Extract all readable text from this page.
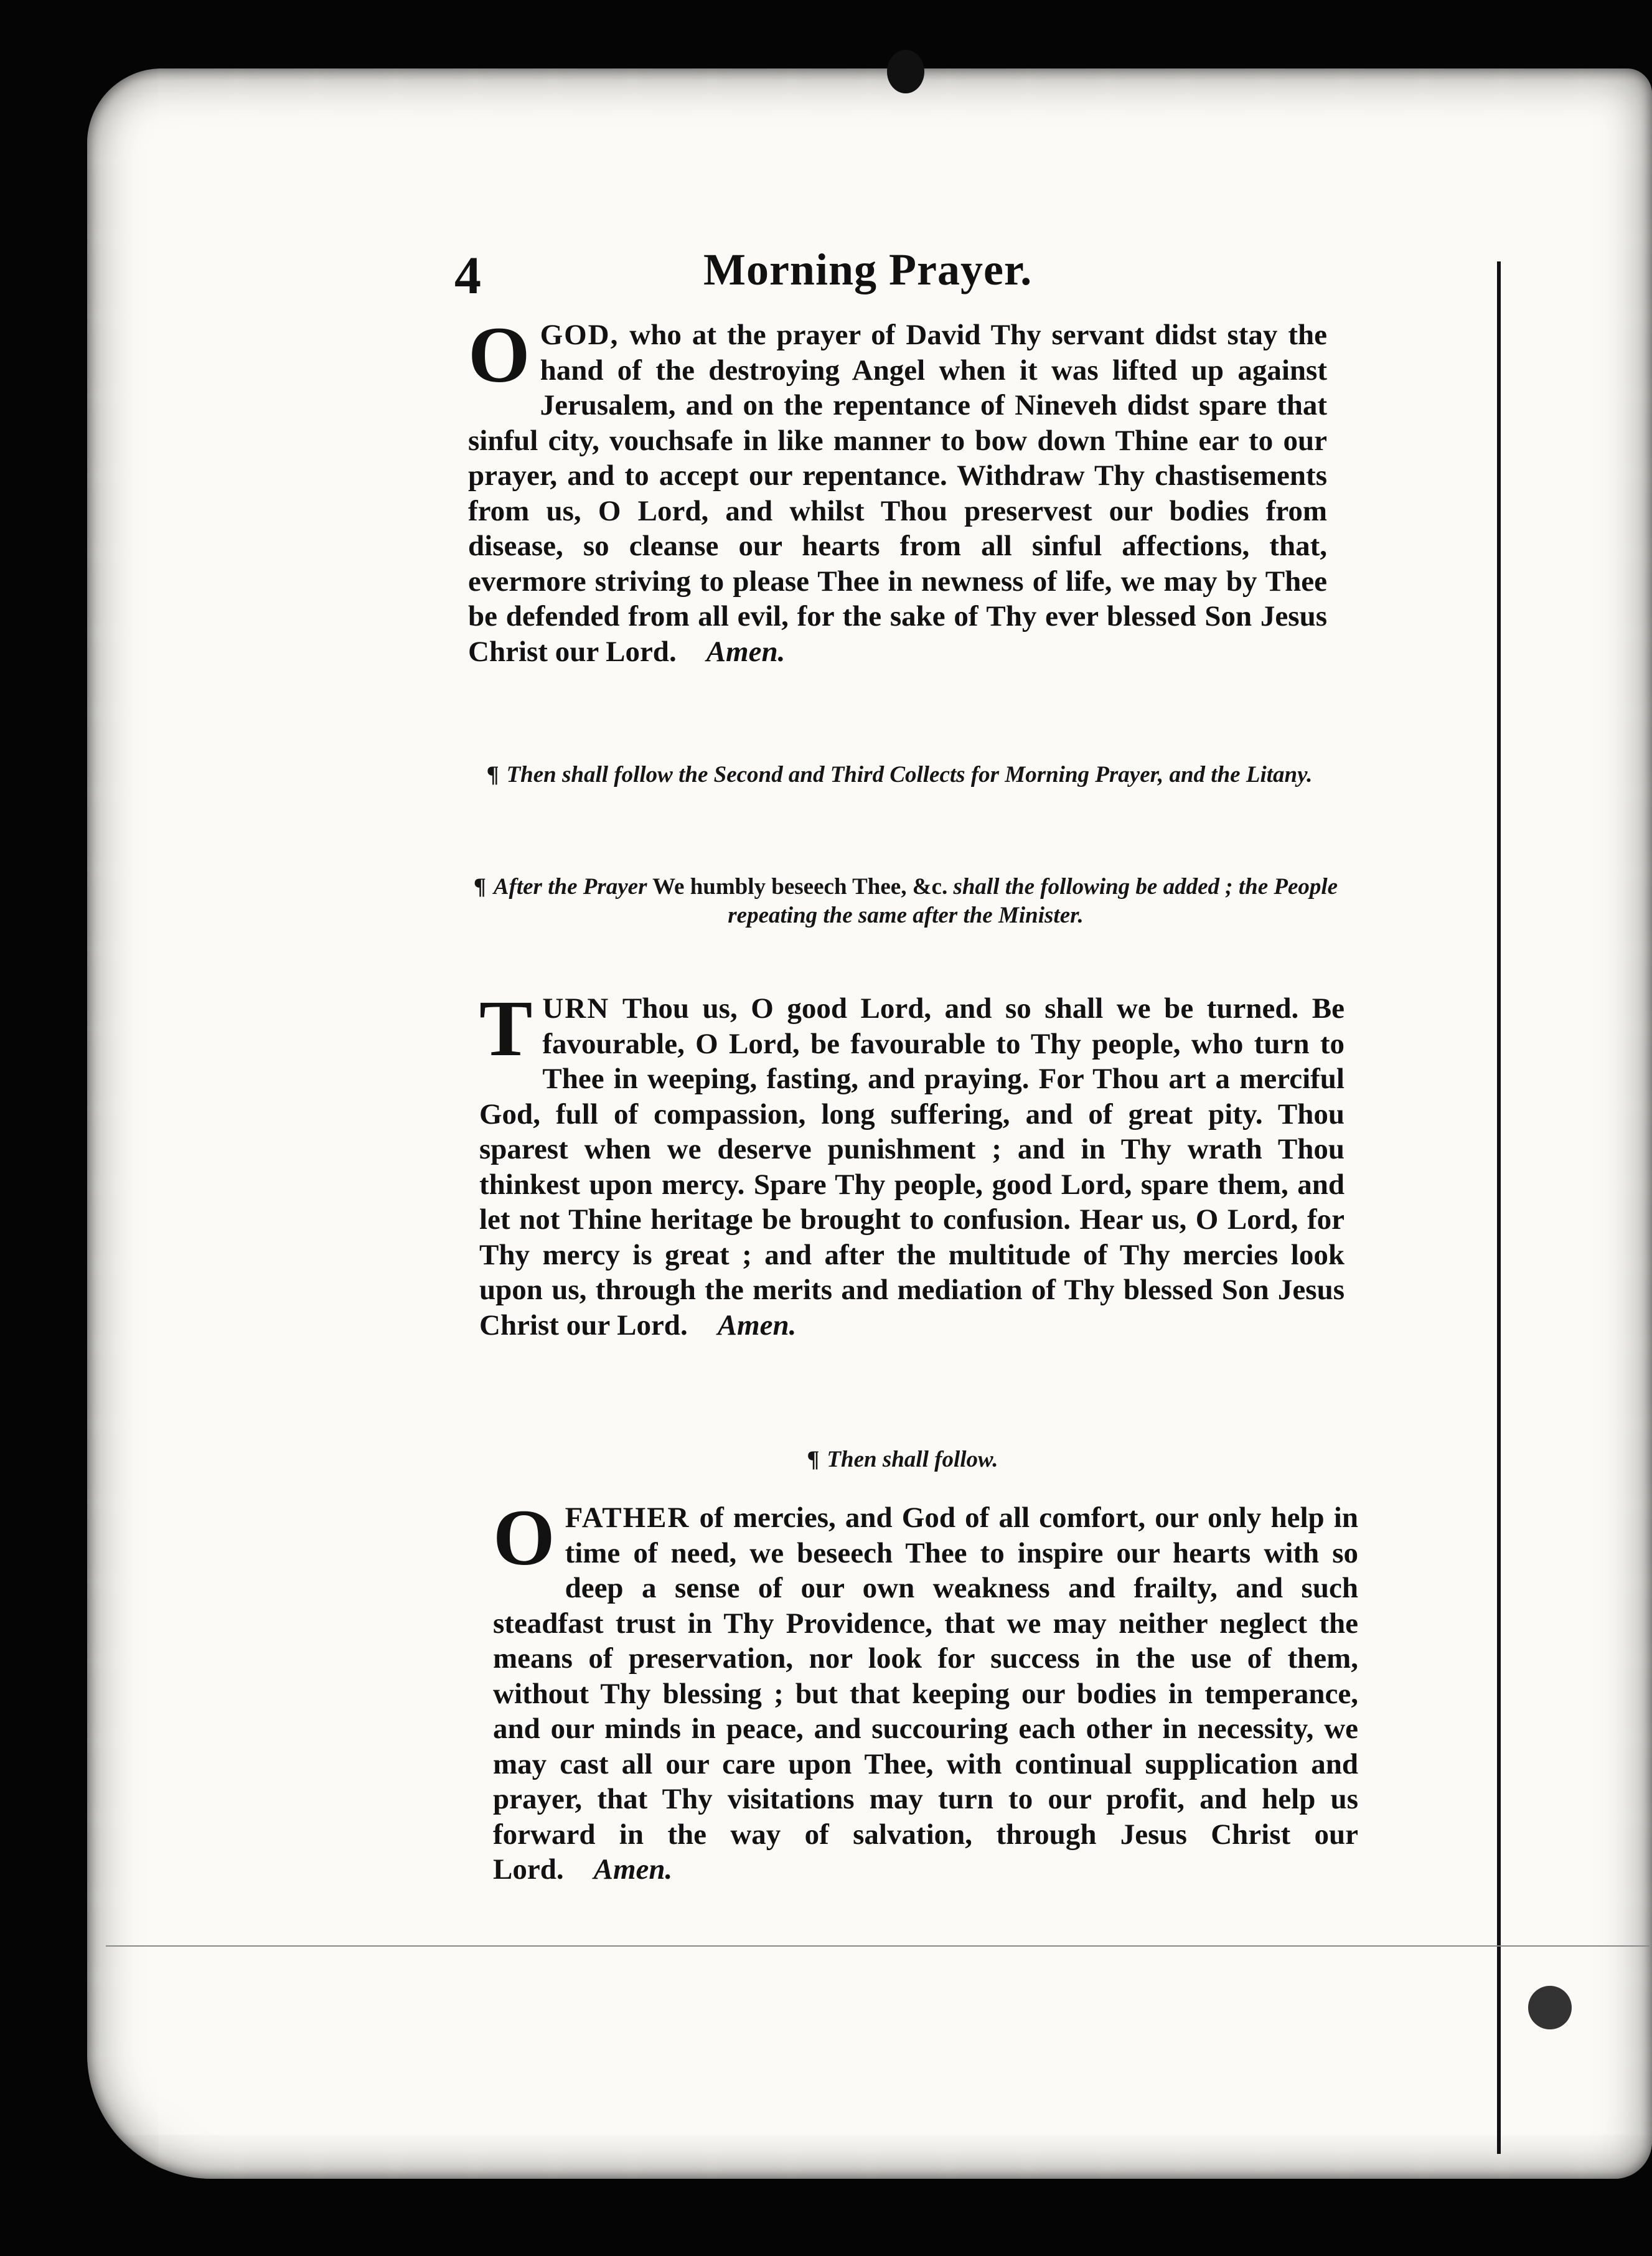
4	Morning Prayer.
OGOD, who at the prayer of David Thy servant didst stay the hand of the destroying Angel when it was lifted up against Jerusalem, and on the repentance of Nineveh didst spare that sinful city, vouchsafe in like manner to bow down Thine ear to our prayer, and to accept our repentance. Withdraw Thy chastisements from us, O Lord, and whilst Thou preservest our bodies from disease, so cleanse our hearts from all sinful affections, that, evermore striving to please Thee in newness of life, we may by Thee be defended from all evil, for the sake of Thy ever blessed Son Jesus Christ our Lord. Amen.
¶ Then shall follow the Second and Third Collects for Morning Prayer, and the Litany.
¶ After the Prayer We humbly beseech Thee, &c. shall the following be added ; the People repeating the same after the Minister.
TURN Thou us, O good Lord, and so shall we be turned. Be favourable, O Lord, be favourable to Thy people, who turn to Thee in weeping, fasting, and praying. For Thou art a merciful God, full of compassion, long suffering, and of great pity. Thou sparest when we deserve punishment ; and in Thy wrath Thou thinkest upon mercy. Spare Thy people, good Lord, spare them, and let not Thine heritage be brought to confusion. Hear us, O Lord, for Thy mercy is great ; and after the multitude of Thy mercies look upon us, through the merits and mediation of Thy blessed Son Jesus Christ our Lord. Amen.
¶ Then shall follow.
OFATHER of mercies, and God of all comfort, our only help in time of need, we beseech Thee to inspire our hearts with so deep a sense of our own weakness and frailty, and such steadfast trust in Thy Providence, that we may neither neglect the means of preservation, nor look for success in the use of them, without Thy blessing ; but that keeping our bodies in temperance, and our minds in peace, and succouring each other in necessity, we may cast all our care upon Thee, with continual supplication and prayer, that Thy visitations may turn to our profit, and help us forward in the way of salvation, through Jesus Christ our Lord. Amen.
